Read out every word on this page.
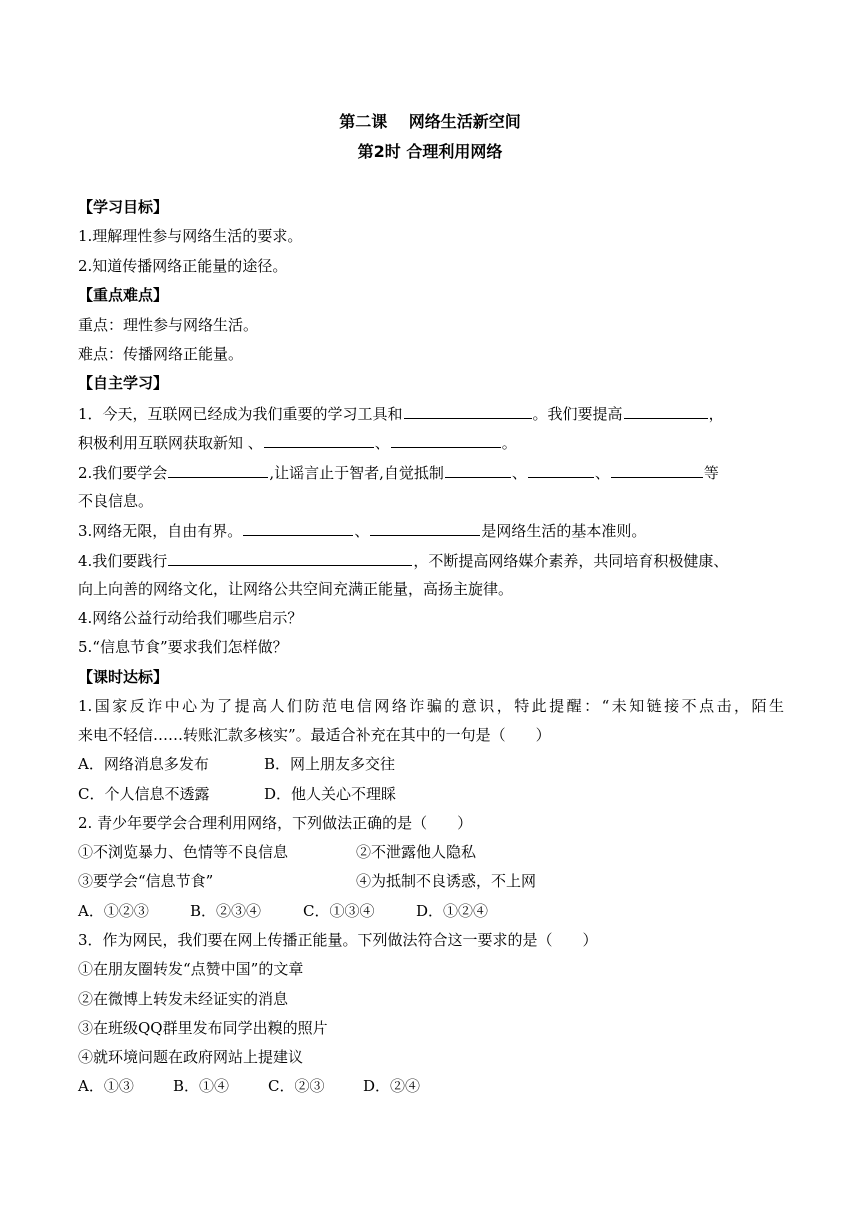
第二课　 网络生活新空间
第2时 合理利用网络
【学习目标】
1.理解理性参与网络生活的要求。
2.知道传播网络正能量的途径。
【重点难点】
重点：理性参与网络生活。
难点：传播网络正能量。
【自主学习】
1．今天，互联网已经成为我们重要的学习工具和	。我们要提高	，
积极利用互联网获取新知 、	、	。
2.我们要学会	,让谣言止于智者,自觉抵制	、	、	等
不良信息。
3.网络无限，自由有界。	、	是网络生活的基本准则。
4.我们要践行	，不断提高网络媒介素养，共同培育积极健康、
向上向善的网络文化，让网络公共空间充满正能量，高扬主旋律。
4.网络公益行动给我们哪些启示？
5.“信息节食”要求我们怎样做？
【课时达标】
1.国家反诈中心为了提高人们防范电信网络诈骗的意识，特此提醒：“未知链接不点击，陌生
来电不轻信……转账汇款多核实”。最适合补充在其中的一句是（　　）
A．网络消息多发布	B．网上朋友多交往
C．个人信息不透露	D．他人关心不理睬
2. 青少年要学会合理利用网络，下列做法正确的是（　　）
①不浏览暴力、色情等不良信息	②不泄露他人隐私
③要学会“信息节食”	④为抵制不良诱惑，不上网
A．①②③	B．②③④	C．①③④	D．①②④
3．作为网民，我们要在网上传播正能量。下列做法符合这一要求的是（　　）
①在朋友圈转发“点赞中国”的文章
②在微博上转发未经证实的消息
③在班级QQ群里发布同学出糗的照片
④就环境问题在政府网站上提建议
A．①③	B．①④	C．②③	D．②④
